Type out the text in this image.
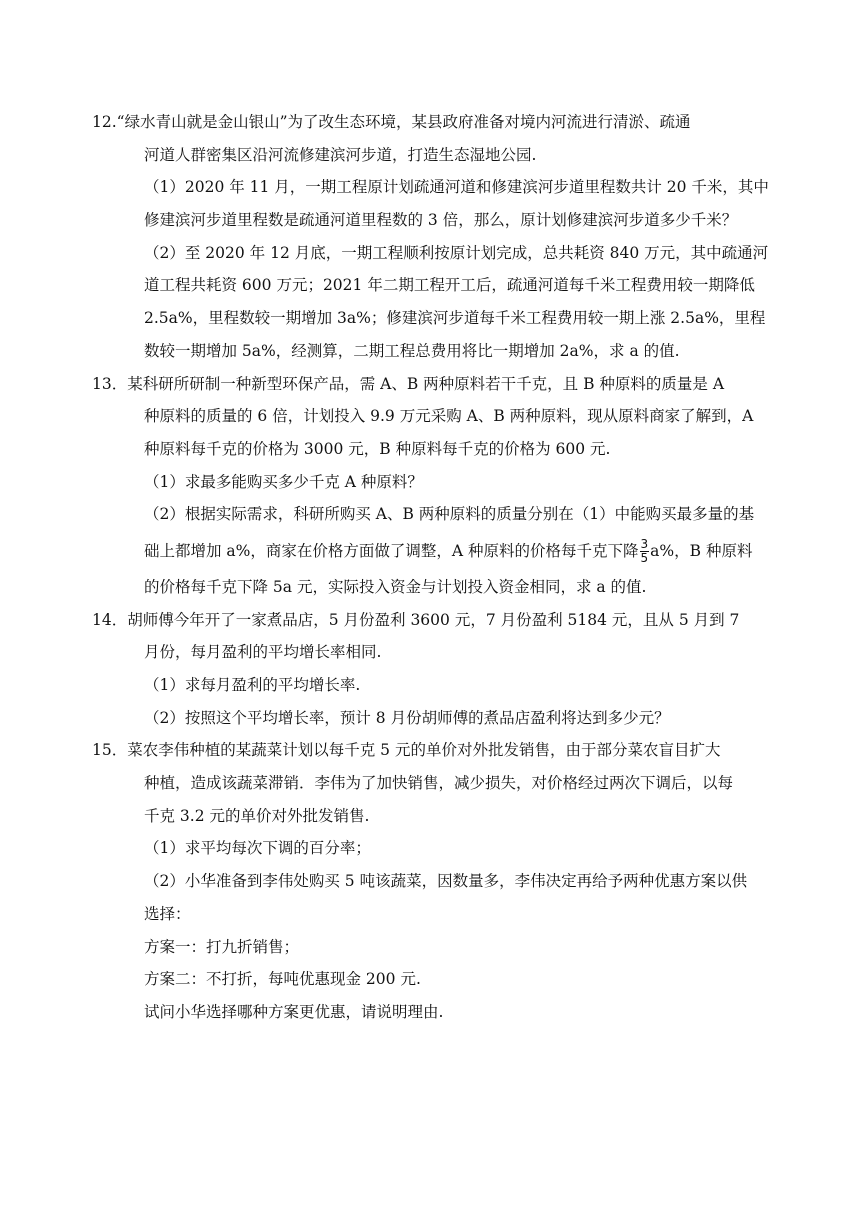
12.“绿水青山就是金山银山”为了改生态环境，某县政府准备对境内河流进行清淤、疏通
河道人群密集区沿河流修建滨河步道，打造生态湿地公园.
（1）2020 年 11 月，一期工程原计划疏通河道和修建滨河步道里程数共计 20 千米，其中
修建滨河步道里程数是疏通河道里程数的 3 倍，那么，原计划修建滨河步道多少千米？
（2）至 2020 年 12 月底，一期工程顺利按原计划完成，总共耗资 840 万元，其中疏通河
道工程共耗资 600 万元；2021 年二期工程开工后，疏通河道每千米工程费用较一期降低
2.5a%，里程数较一期增加 3a%；修建滨河步道每千米工程费用较一期上涨 2.5a%，里程
数较一期增加 5a%，经测算，二期工程总费用将比一期增加 2a%，求 a 的值.
13．某科研所研制一种新型环保产品，需 A、B 两种原料若干千克，且 B 种原料的质量是 A
种原料的质量的 6 倍，计划投入 9.9 万元采购 A、B 两种原料，现从原料商家了解到，A
种原料每千克的价格为 3000 元，B 种原料每千克的价格为 600 元.
（1）求最多能购买多少千克 A 种原料？
（2）根据实际需求，科研所购买 A、B 两种原料的质量分别在（1）中能购买最多量的基
础上都增加 a%，商家在价格方面做了调整，A 种原料的价格每千克下降 $\frac{3}{5} a\%$，B 种原料
的价格每千克下降 5a 元，实际投入资金与计划投入资金相同，求 a 的值.
14．胡师傅今年开了一家煮品店，5 月份盈利 3600 元，7 月份盈利 5184 元，且从 5 月到 7
月份，每月盈利的平均增长率相同.
（1）求每月盈利的平均增长率.
（2）按照这个平均增长率，预计 8 月份胡师傅的煮品店盈利将达到多少元？
15．菜农李伟种植的某蔬菜计划以每千克 5 元的单价对外批发销售，由于部分菜农盲目扩大
种植，造成该蔬菜滞销．李伟为了加快销售，减少损失，对价格经过两次下调后，以每
千克 3.2 元的单价对外批发销售.
（1）求平均每次下调的百分率；
（2）小华准备到李伟处购买 5 吨该蔬菜，因数量多，李伟决定再给予两种优惠方案以供
选择：
方案一：打九折销售；
方案二：不打折，每吨优惠现金 200 元.
试问小华选择哪种方案更优惠，请说明理由.
